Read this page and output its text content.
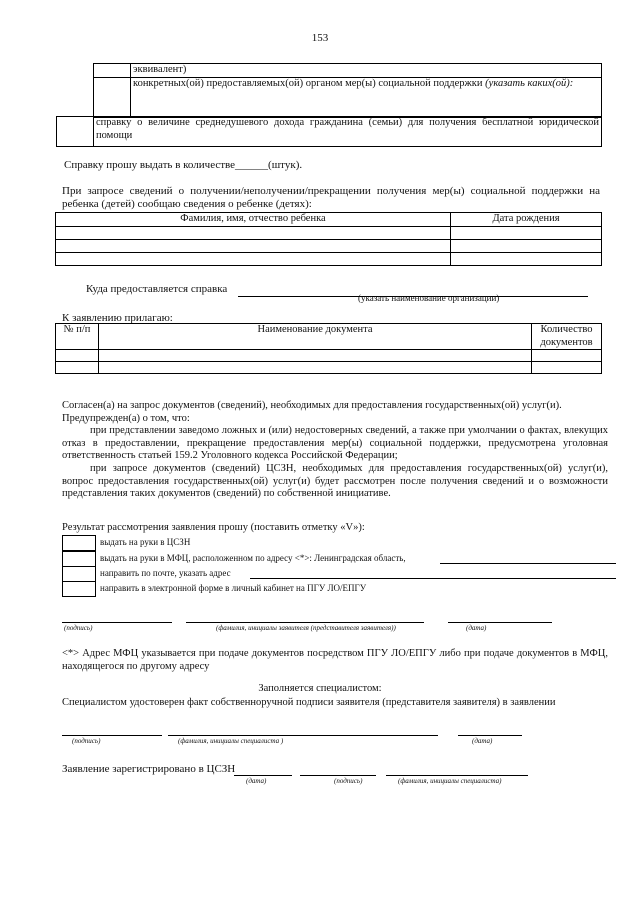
153
	эквивалент)
	конкретных(ой) предоставляемых(ой) органом мер(ы) социальной поддержки (указать каких(ой):
	справку о величине среднедушевого дохода гражданина (семьи) для получения бесплатной юридической помощи
Справку прошу выдать в количестве______(штук).
При запросе сведений о получении/неполучении/прекращении получения мер(ы) социальной поддержки на ребенка (детей) сообщаю сведения о ребенке (детях):
Фамилия, имя, отчество ребенка	Дата рождения

Куда предоставляется справка
(указать наименование организации)
К заявлению прилагаю:
№ п/п	Наименование документа	Количество документов

Согласен(а) на запрос документов (сведений), необходимых для предоставления государственных(ой) услуг(и).
Предупрежден(а) о том, что:
при представлении заведомо ложных и (или) недостоверных сведений, а также при умолчании о фактах, влекущих отказ в предоставлении, прекращение предоставления мер(ы) социальной поддержки, предусмотрена уголовная ответственность статьей 159.2 Уголовного кодекса Российской Федерации;
при запросе документов (сведений) ЦСЗН, необходимых для предоставления государственных(ой) услуг(и), вопрос предоставления государственных(ой) услуг(и) будет рассмотрен после получения сведений и о возможности представления таких документов (сведений) по собственной инициативе.
Результат рассмотрения заявления прошу (поставить отметку «V»):
выдать на руки в ЦСЗН
выдать на руки в МФЦ, расположенном по адресу <*>: Ленинградская область,
направить по почте, указать адрес
направить в электронной форме в личный кабинет на ПГУ ЛО/ЕПГУ
(подпись)	(фамилия, инициалы заявителя (представителя заявителя))	(дата)
<*> Адрес МФЦ указывается при подаче документов посредством ПГУ ЛО/ЕПГУ либо при подаче документов в МФЦ, находящегося по другому адресу
Заполняется специалистом:
Специалистом удостоверен факт собственноручной подписи заявителя (представителя заявителя) в заявлении
(подпись)	(фамилия, инициалы специалиста )	(дата)
Заявление зарегистрировано в ЦСЗН
(дата)	(подпись)	(фамилия, инициалы специалиста)
